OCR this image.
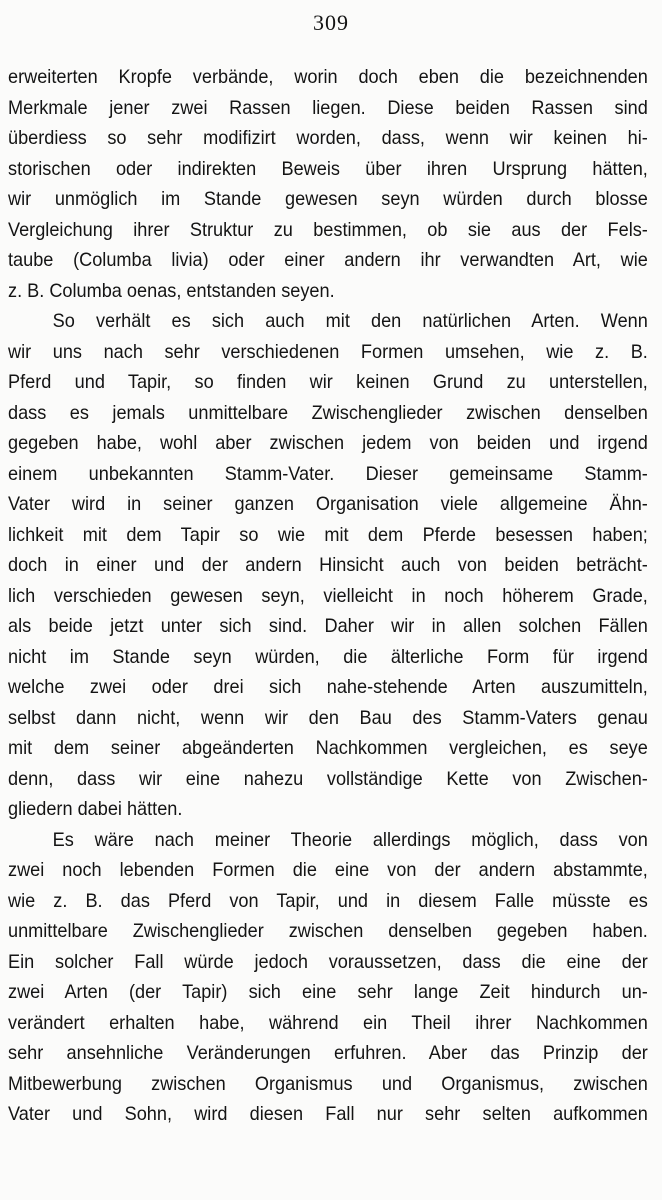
309
erweiterten Kropfe verbände, worin doch eben die bezeichnenden
Merkmale jener zwei Rassen liegen. Diese beiden Rassen sind
überdiess so sehr modifizirt worden, dass, wenn wir keinen hi-
storischen oder indirekten Beweis über ihren Ursprung hätten,
wir unmöglich im Stande gewesen seyn würden durch blosse
Vergleichung ihrer Struktur zu bestimmen, ob sie aus der Fels-
taube (Columba livia) oder einer andern ihr verwandten Art, wie
z. B. Columba oenas, entstanden seyen.
So verhält es sich auch mit den natürlichen Arten. Wenn
wir uns nach sehr verschiedenen Formen umsehen, wie z. B.
Pferd und Tapir, so finden wir keinen Grund zu unterstellen,
dass es jemals unmittelbare Zwischenglieder zwischen denselben
gegeben habe, wohl aber zwischen jedem von beiden und irgend
einem unbekannten Stamm-Vater. Dieser gemeinsame Stamm-
Vater wird in seiner ganzen Organisation viele allgemeine Ähn-
lichkeit mit dem Tapir so wie mit dem Pferde besessen haben;
doch in einer und der andern Hinsicht auch von beiden beträcht-
lich verschieden gewesen seyn, vielleicht in noch höherem Grade,
als beide jetzt unter sich sind. Daher wir in allen solchen Fällen
nicht im Stande seyn würden, die älterliche Form für irgend
welche zwei oder drei sich nahe-stehende Arten auszumitteln,
selbst dann nicht, wenn wir den Bau des Stamm-Vaters genau
mit dem seiner abgeänderten Nachkommen vergleichen, es seye
denn, dass wir eine nahezu vollständige Kette von Zwischen-
gliedern dabei hätten.
Es wäre nach meiner Theorie allerdings möglich, dass von
zwei noch lebenden Formen die eine von der andern abstammte,
wie z. B. das Pferd von Tapir, und in diesem Falle müsste es
unmittelbare Zwischenglieder zwischen denselben gegeben haben.
Ein solcher Fall würde jedoch voraussetzen, dass die eine der
zwei Arten (der Tapir) sich eine sehr lange Zeit hindurch un-
verändert erhalten habe, während ein Theil ihrer Nachkommen
sehr ansehnliche Veränderungen erfuhren. Aber das Prinzip der
Mitbewerbung zwischen Organismus und Organismus, zwischen
Vater und Sohn, wird diesen Fall nur sehr selten aufkommen
